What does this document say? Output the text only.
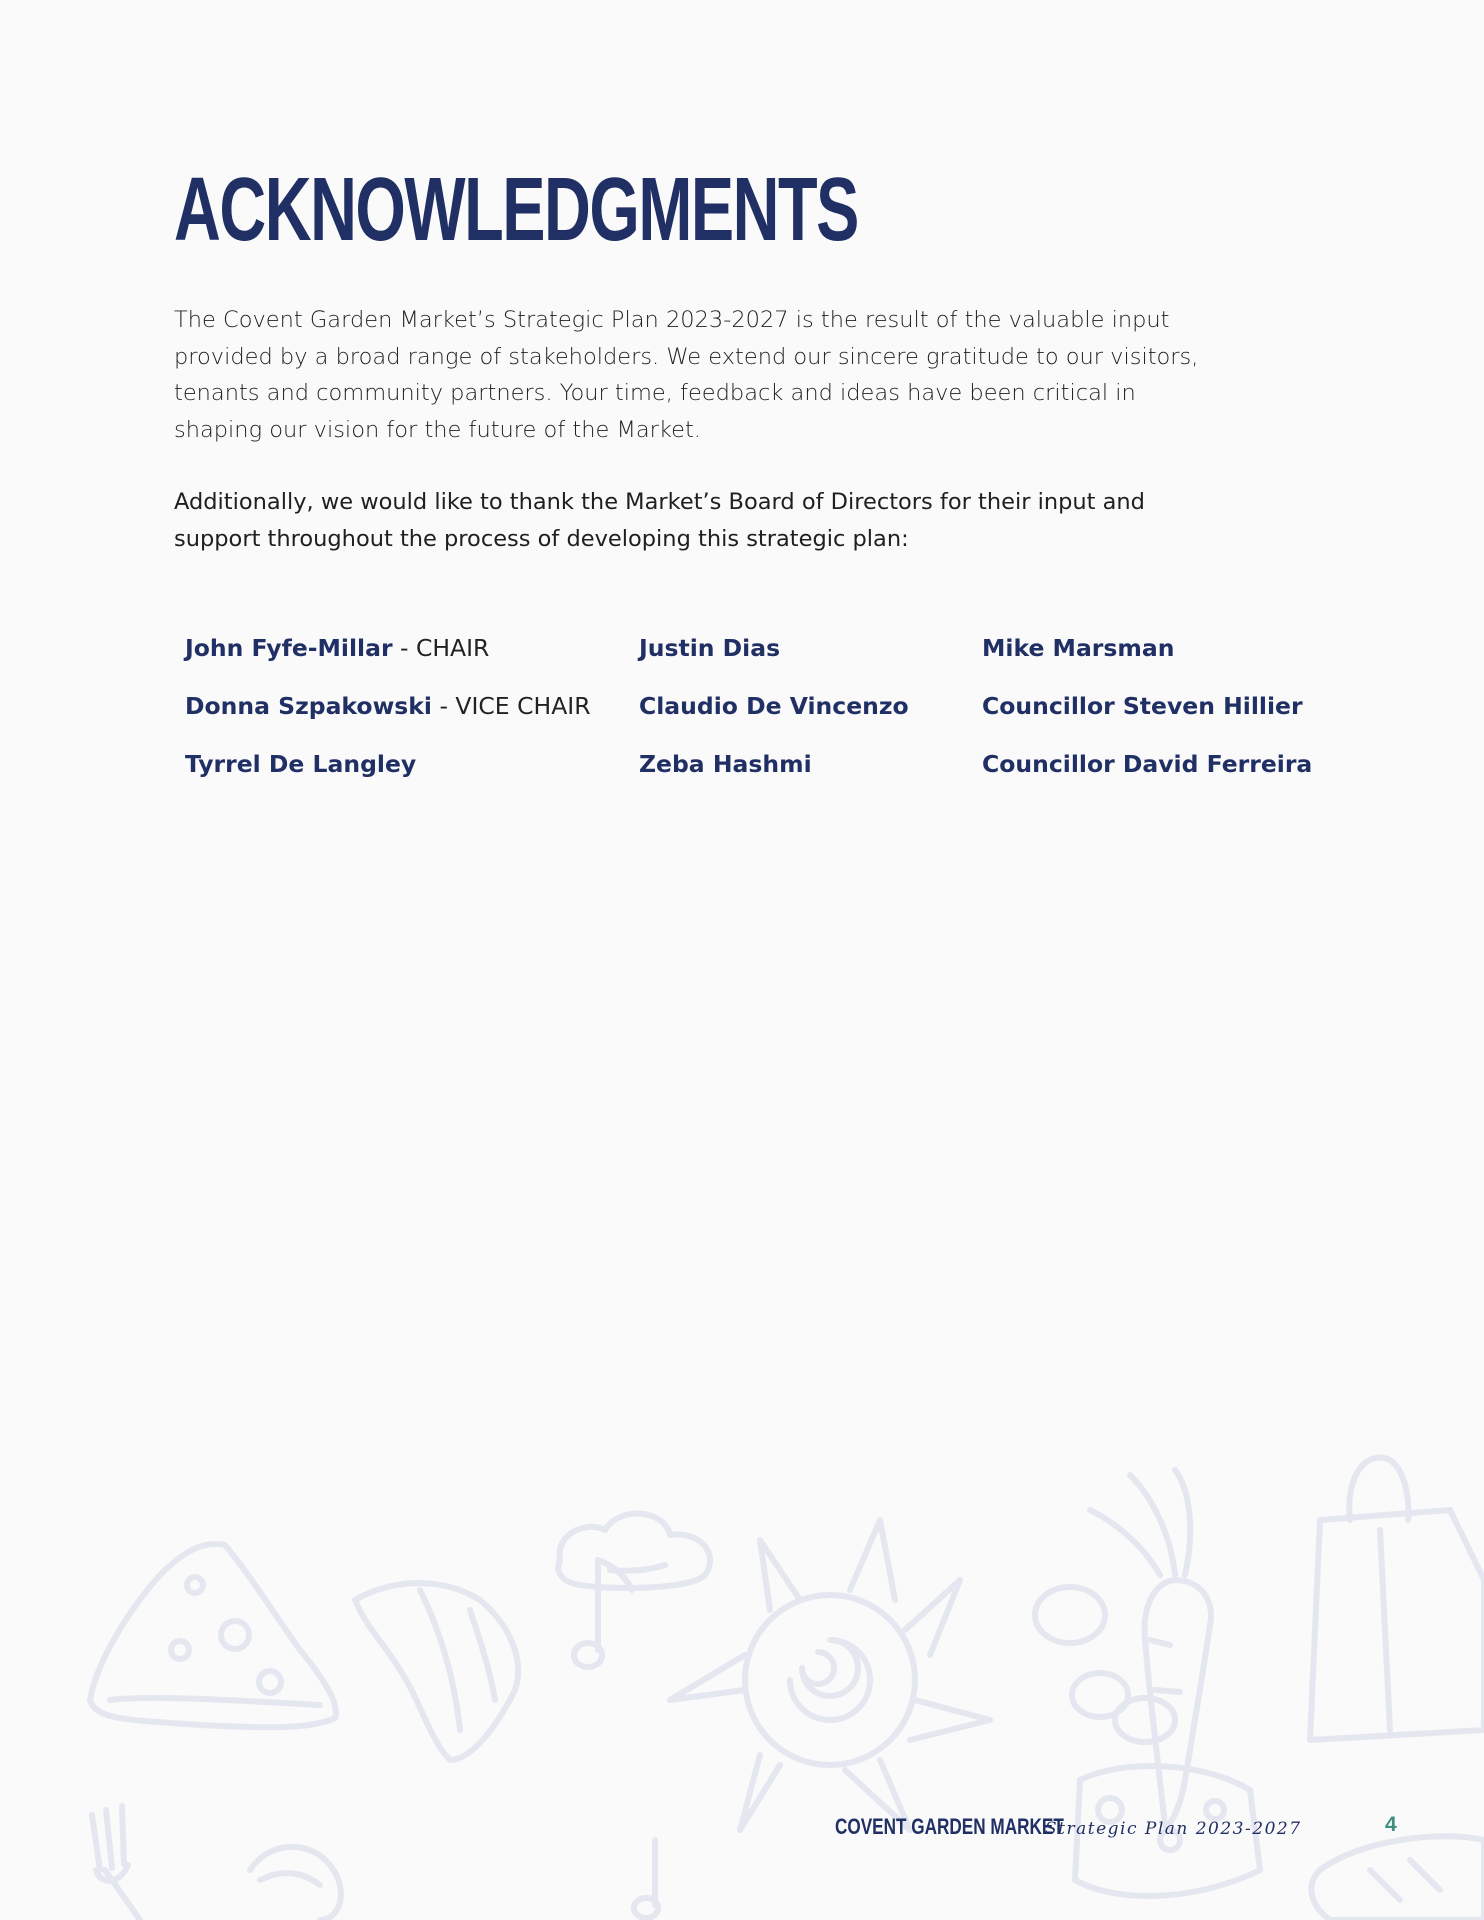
ACKNOWLEDGMENTS

The Covent Garden Market’s Strategic Plan 2023-2027 is the result of the valuable input provided by a broad range of stakeholders. We extend our sincere gratitude to our visitors, tenants and community partners. Your time, feedback and ideas have been critical in shaping our vision for the future of the Market.

Additionally, we would like to thank the Market’s Board of Directors for their input and support throughout the process of developing this strategic plan:

John Fyfe-Millar - CHAIR
Donna Szpakowski - VICE CHAIR
Tyrrel De Langley
Justin Dias
Claudio De Vincenzo
Zeba Hashmi
Mike Marsman
Councillor Steven Hillier
Councillor David Ferreira
COVENT GARDEN MARKET
Strategic Plan 2023-2027	4
